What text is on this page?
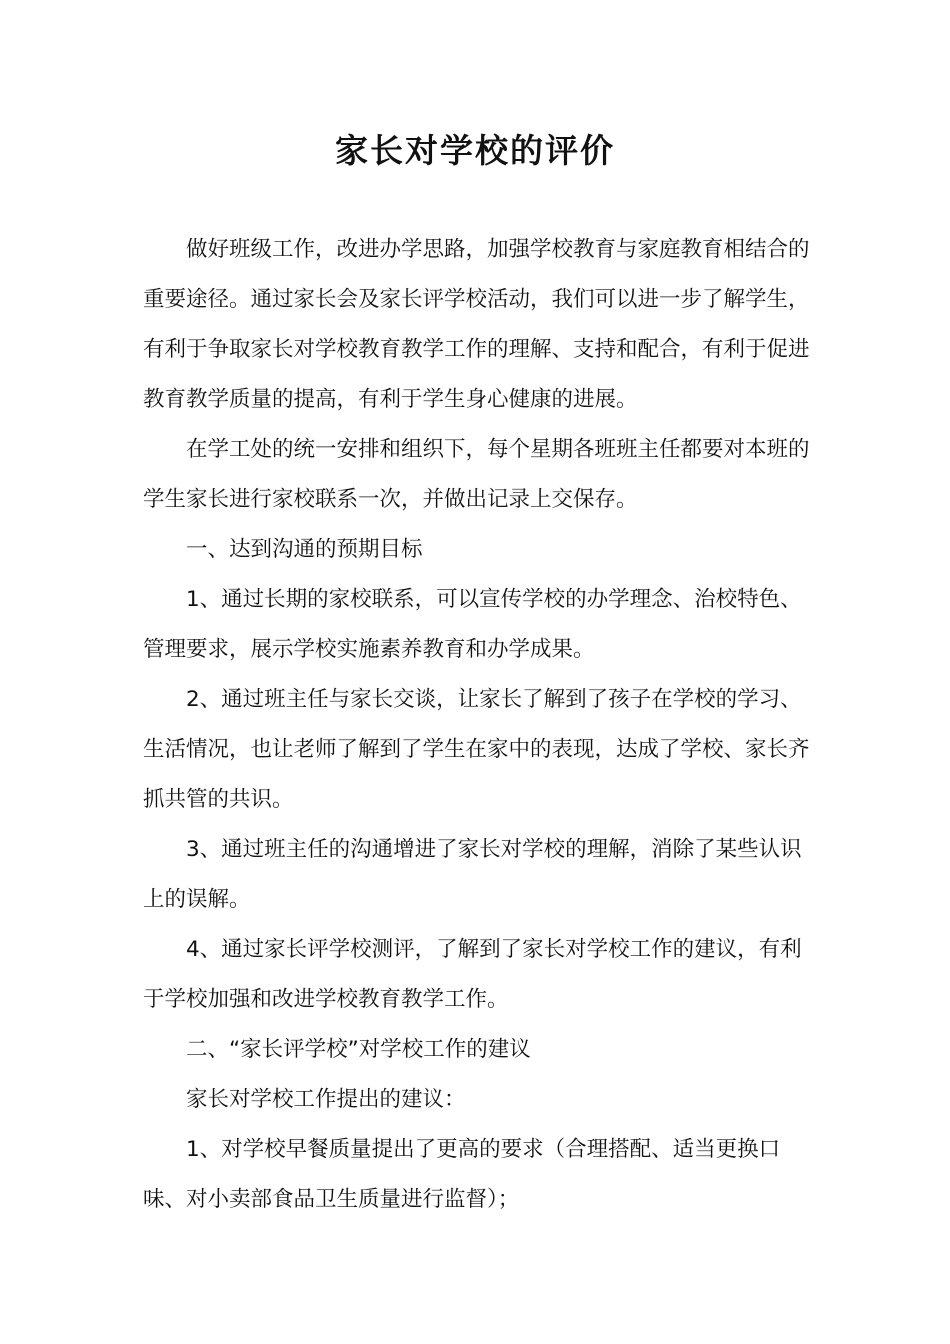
家长对学校的评价

做好班级工作，改进办学思路，加强学校教育与家庭教育相结合的重要途径。通过家长会及家长评学校活动，我们可以进一步了解学生，有利于争取家长对学校教育教学工作的理解、支持和配合，有利于促进教育教学质量的提高，有利于学生身心健康的进展。

在学工处的统一安排和组织下，每个星期各班班主任都要对本班的学生家长进行家校联系一次，并做出记录上交保存。

一、达到沟通的预期目标

1、通过长期的家校联系，可以宣传学校的办学理念、治校特色、管理要求，展示学校实施素养教育和办学成果。

2、通过班主任与家长交谈，让家长了解到了孩子在学校的学习、生活情况，也让老师了解到了学生在家中的表现，达成了学校、家长齐抓共管的共识。

3、通过班主任的沟通增进了家长对学校的理解，消除了某些认识上的误解。

4、通过家长评学校测评，了解到了家长对学校工作的建议，有利于学校加强和改进学校教育教学工作。

二、“家长评学校”对学校工作的建议

家长对学校工作提出的建议：

1、对学校早餐质量提出了更高的要求（合理搭配、适当更换口味、对小卖部食品卫生质量进行监督）；
